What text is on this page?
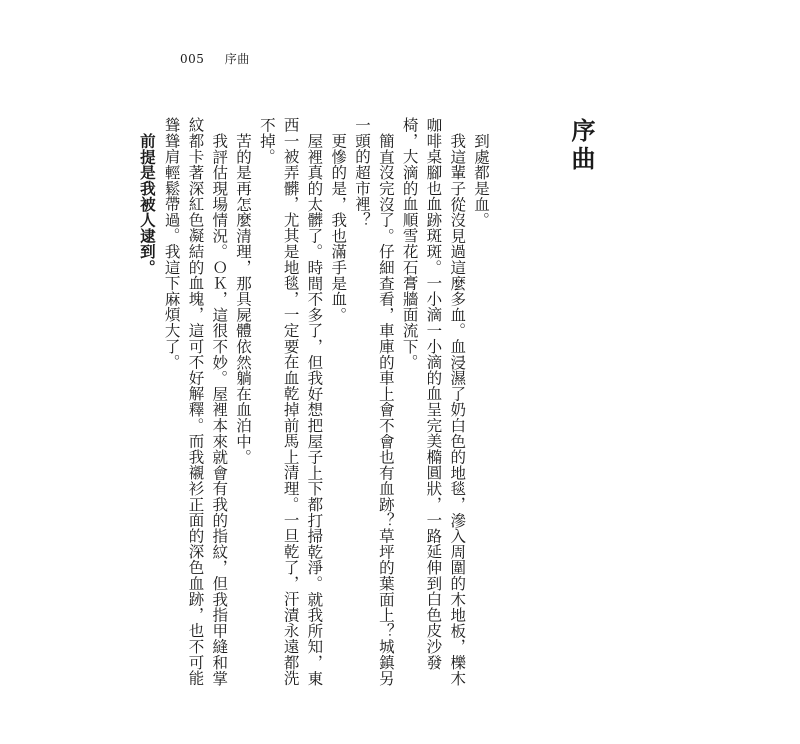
005 序曲
序曲

到處都是血。

我這輩子從沒見過這麼多血。血浸濕了奶白色的地毯，滲入周圍的木地板，櫟木咖啡桌腳也血跡斑斑。一小滴一小滴的血呈完美橢圓狀，一路延伸到白色皮沙發椅，大滴的血順雪花石膏牆面流下。

簡直沒完沒了。仔細查看，車庫的車上會不會也有血跡？草坪的葉面上？城鎮另一頭的超市裡？

更慘的是，我也滿手是血。

屋裡真的太髒了。時間不多了，但我好想把屋子上下都打掃乾淨。就我所知，東西一被弄髒，尤其是地毯，一定要在血乾掉前馬上清理。一旦乾了，汗漬永遠都洗不掉。

苦的是再怎麼清理，那具屍體依然躺在血泊中。

我評估現場情況。ＯＫ，這很不妙。屋裡本來就會有我的指紋，但我指甲縫和掌紋都卡著深紅色凝結的血塊，這可不好解釋。而我襯衫正面的深色血跡，也不可能聳聳肩輕鬆帶過。我這下麻煩大了。

前提是我被人逮到。
